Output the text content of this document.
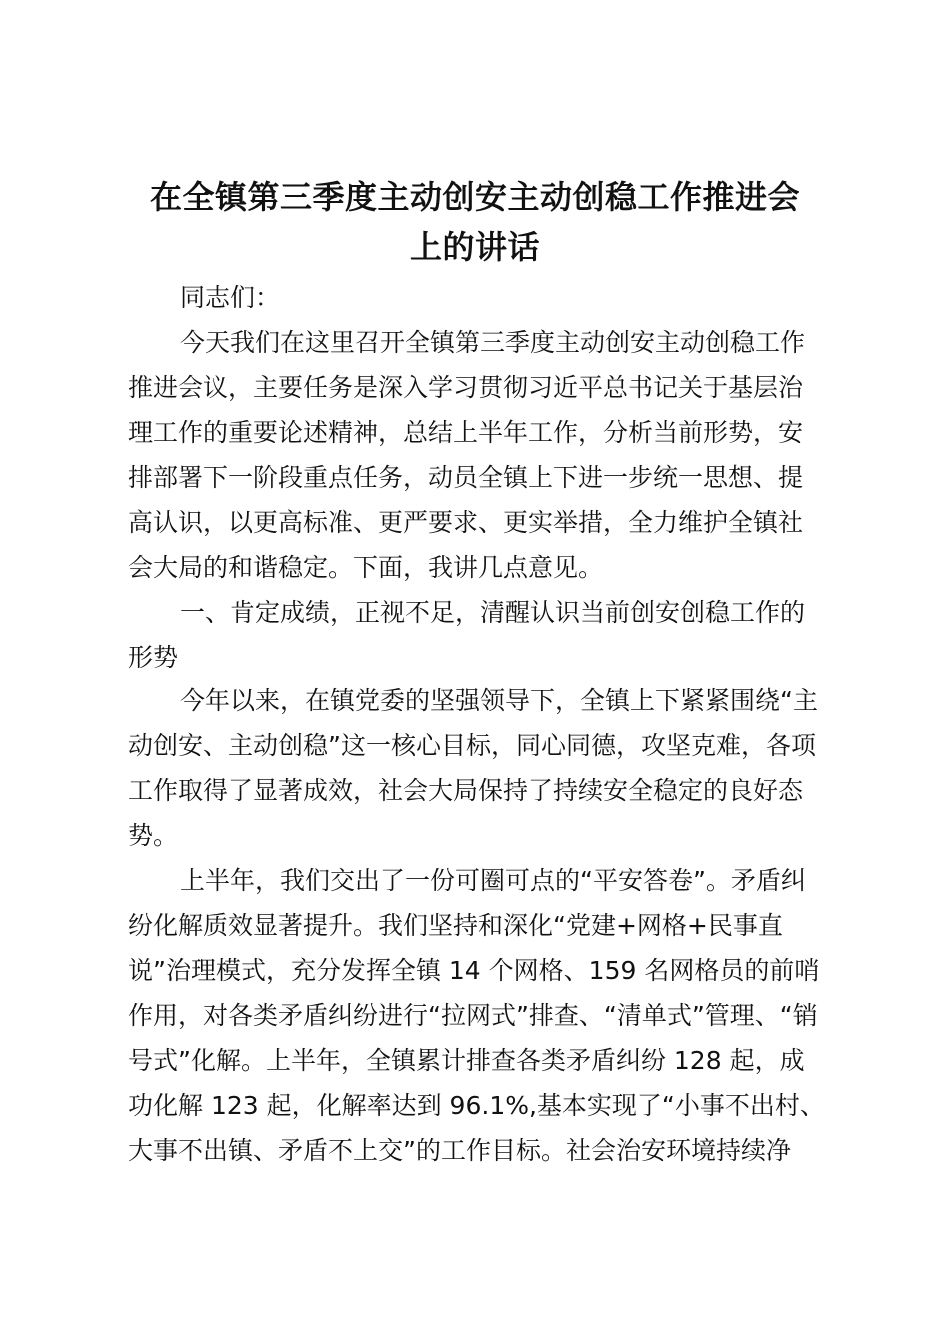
在全镇第三季度主动创安主动创稳工作推进会
上的讲话
同志们：
今天我们在这里召开全镇第三季度主动创安主动创稳工作
推进会议，主要任务是深入学习贯彻习近平总书记关于基层治
理工作的重要论述精神，总结上半年工作，分析当前形势，安
排部署下一阶段重点任务，动员全镇上下进一步统一思想、提
高认识，以更高标准、更严要求、更实举措，全力维护全镇社
会大局的和谐稳定。下面，我讲几点意见。
一、肯定成绩，正视不足，清醒认识当前创安创稳工作的
形势
今年以来，在镇党委的坚强领导下，全镇上下紧紧围绕“主
动创安、主动创稳”这一核心目标，同心同德，攻坚克难，各项
工作取得了显著成效，社会大局保持了持续安全稳定的良好态
势。
上半年，我们交出了一份可圈可点的“平安答卷”。矛盾纠
纷化解质效显著提升。我们坚持和深化“党建+网格+民事直
说”治理模式，充分发挥全镇 14 个网格、159 名网格员的前哨
作用，对各类矛盾纠纷进行“拉网式”排查、“清单式”管理、“销
号式”化解。上半年，全镇累计排查各类矛盾纠纷 128 起，成
功化解 123 起，化解率达到 96.1%,基本实现了“小事不出村、
大事不出镇、矛盾不上交”的工作目标。社会治安环境持续净
